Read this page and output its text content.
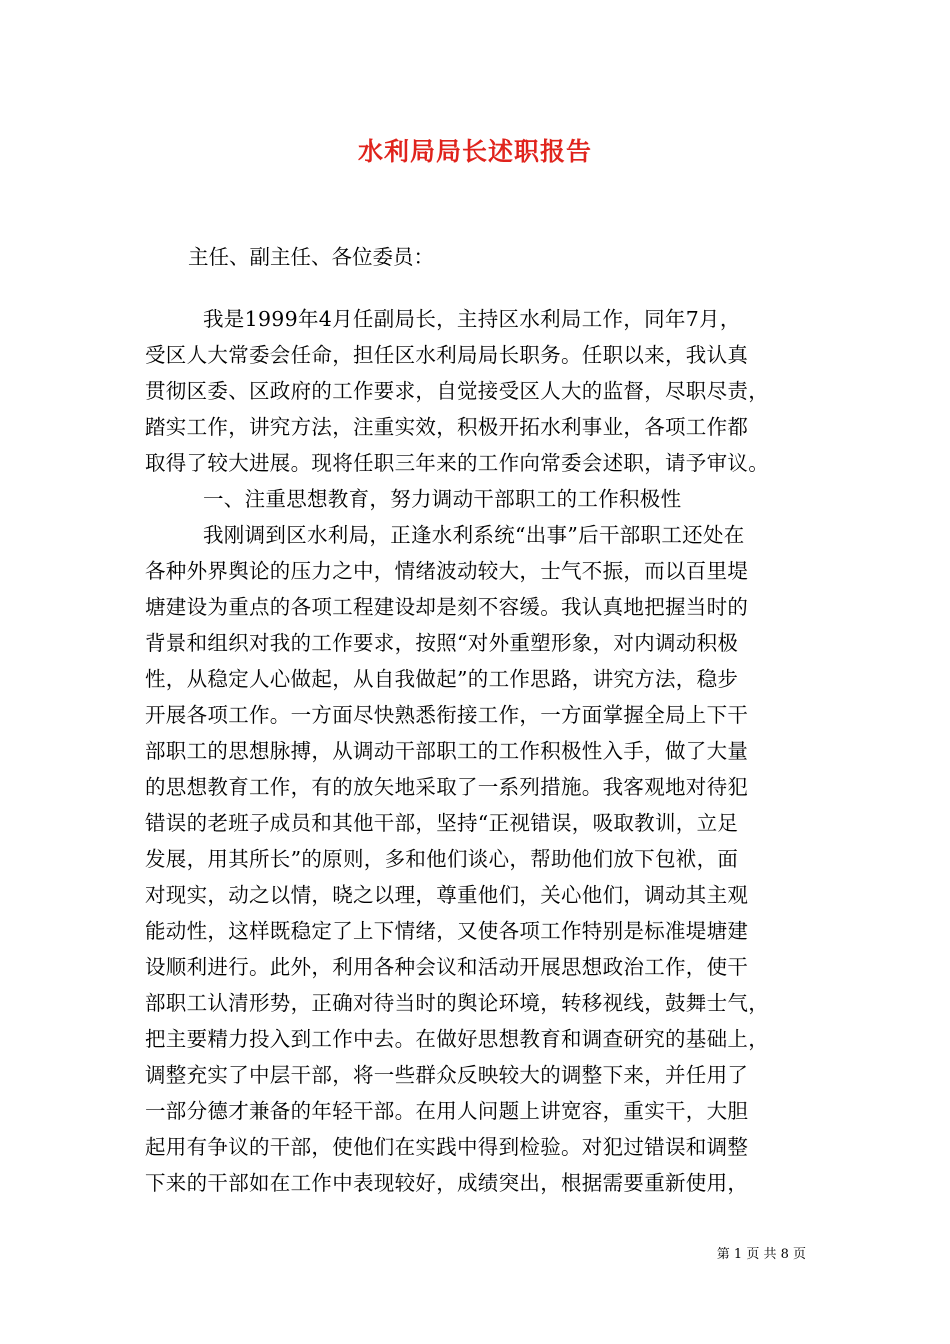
水利局局长述职报告

主任、副主任、各位委员：

我是1999年4月任副局长，主持区水利局工作，同年7月，
受区人大常委会任命，担任区水利局局长职务。任职以来，我认真
贯彻区委、区政府的工作要求，自觉接受区人大的监督，尽职尽责，
踏实工作，讲究方法，注重实效，积极开拓水利事业，各项工作都
取得了较大进展。现将任职三年来的工作向常委会述职，请予审议。
一、注重思想教育，努力调动干部职工的工作积极性
我刚调到区水利局，正逢水利系统“出事”后干部职工还处在
各种外界舆论的压力之中，情绪波动较大，士气不振，而以百里堤
塘建设为重点的各项工程建设却是刻不容缓。我认真地把握当时的
背景和组织对我的工作要求，按照“对外重塑形象，对内调动积极
性，从稳定人心做起，从自我做起”的工作思路，讲究方法，稳步
开展各项工作。一方面尽快熟悉衔接工作，一方面掌握全局上下干
部职工的思想脉搏，从调动干部职工的工作积极性入手，做了大量
的思想教育工作，有的放矢地采取了一系列措施。我客观地对待犯
错误的老班子成员和其他干部，坚持“正视错误，吸取教训，立足
发展，用其所长”的原则，多和他们谈心，帮助他们放下包袱，面
对现实，动之以情，晓之以理，尊重他们，关心他们，调动其主观
能动性，这样既稳定了上下情绪，又使各项工作特别是标准堤塘建
设顺利进行。此外，利用各种会议和活动开展思想政治工作，使干
部职工认清形势，正确对待当时的舆论环境，转移视线，鼓舞士气，
把主要精力投入到工作中去。在做好思想教育和调查研究的基础上，
调整充实了中层干部，将一些群众反映较大的调整下来，并任用了
一部分德才兼备的年轻干部。在用人问题上讲宽容，重实干，大胆
起用有争议的干部，使他们在实践中得到检验。对犯过错误和调整
下来的干部如在工作中表现较好，成绩突出，根据需要重新使用，
第 1 页 共 8 页
